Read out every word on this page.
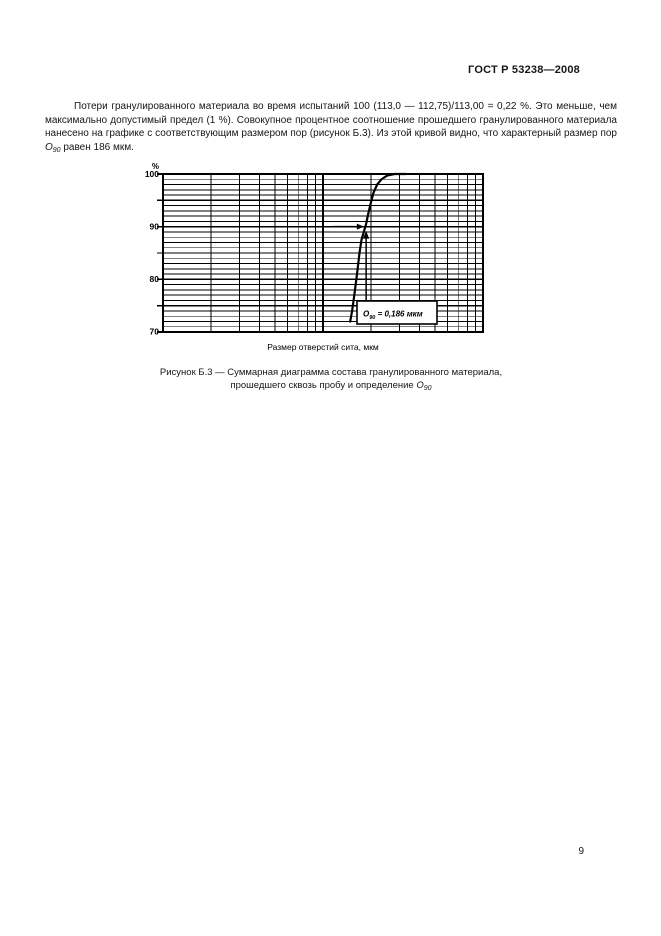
ГОСТ Р 53238—2008

Потери гранулированного материала во время испытаний 100 (113,0 — 112,75)/113,00 = 0,22 %. Это меньше, чем максимально допустимый предел (1 %). Совокупное процентное соотношение прошедшего гранулированного материала нанесено на графике с соответствующим размером пор (рисунок Б.3). Из этой кривой видно, что характерный размер пор $O_{90}$ равен 186 мкм.

%
100
90
80
70
$O_{90} = 0,186$ мкм
Размер отверстий сита, мкм
Рисунок Б.3 — Суммарная диаграмма состава гранулированного материала,
прошедшего сквозь пробу и определение $O_{90}$
9
